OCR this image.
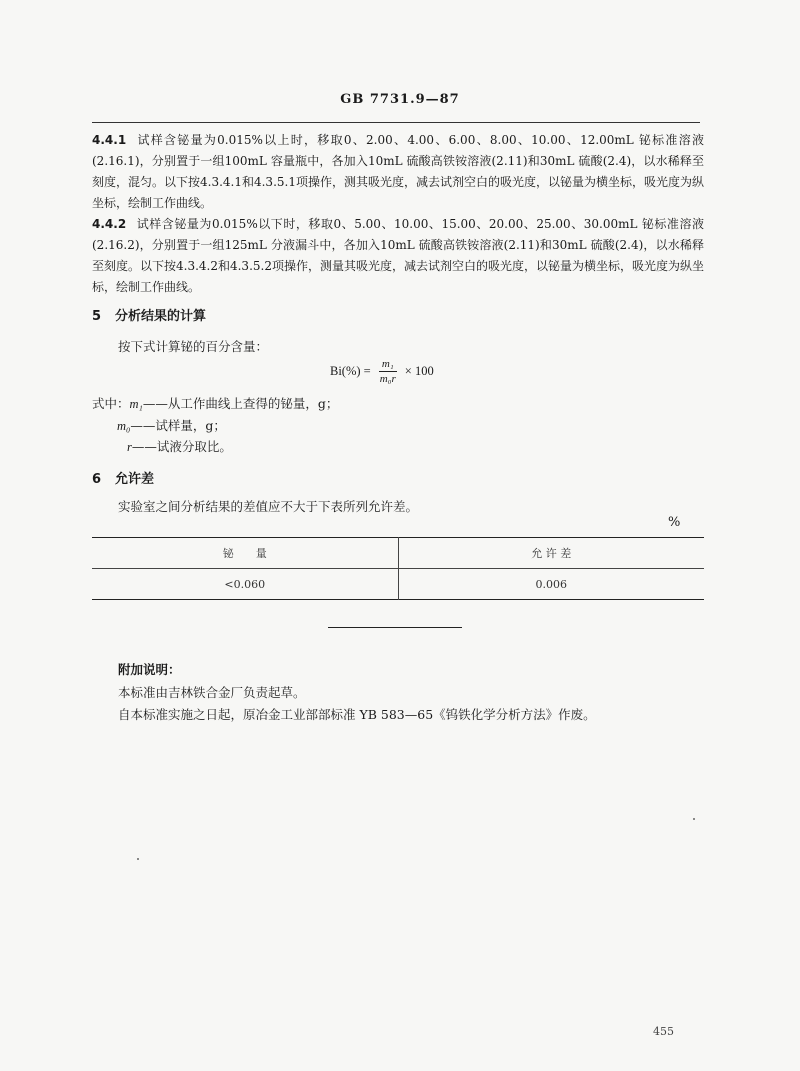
GB 7731.9—87

4.4.1 试样含铋量为0.015%以上时，移取0、2.00、4.00、6.00、8.00、10.00、12.00mL 铋标准溶液(2.16.1)，分别置于一组100mL 容量瓶中，各加入10mL 硫酸高铁铵溶液(2.11)和30mL 硫酸(2.4)，以水稀释至刻度，混匀。以下按4.3.4.1和4.3.5.1项操作，测其吸光度，减去试剂空白的吸光度，以铋量为横坐标，吸光度为纵坐标，绘制工作曲线。

4.4.2 试样含铋量为0.015%以下时，移取0、5.00、10.00、15.00、20.00、25.00、30.00mL 铋标准溶液(2.16.2)，分别置于一组125mL 分液漏斗中，各加入10mL 硫酸高铁铵溶液(2.11)和30mL 硫酸(2.4)，以水稀释至刻度。以下按4.3.4.2和4.3.5.2项操作，测量其吸光度，减去试剂空白的吸光度，以铋量为横坐标，吸光度为纵坐标，绘制工作曲线。

5 分析结果的计算

按下式计算铋的百分含量：

$Bi(\%) = \frac{\text{m₁}}{\text{m₀r}} \times 100$

式中：m₁——从工作曲线上查得的铋量，g；

m₀——试样量，g；

r——试液分取比。

6 允许差

实验室之间分析结果的差值应不大于下表所列允许差。

%
铋　　量	允 许 差
<0.060	0.006

附加说明：

本标准由吉林铁合金厂负责起草。

自本标准实施之日起，原冶金工业部部标准 YB 583—65《钨铁化学分析方法》作废。

455
